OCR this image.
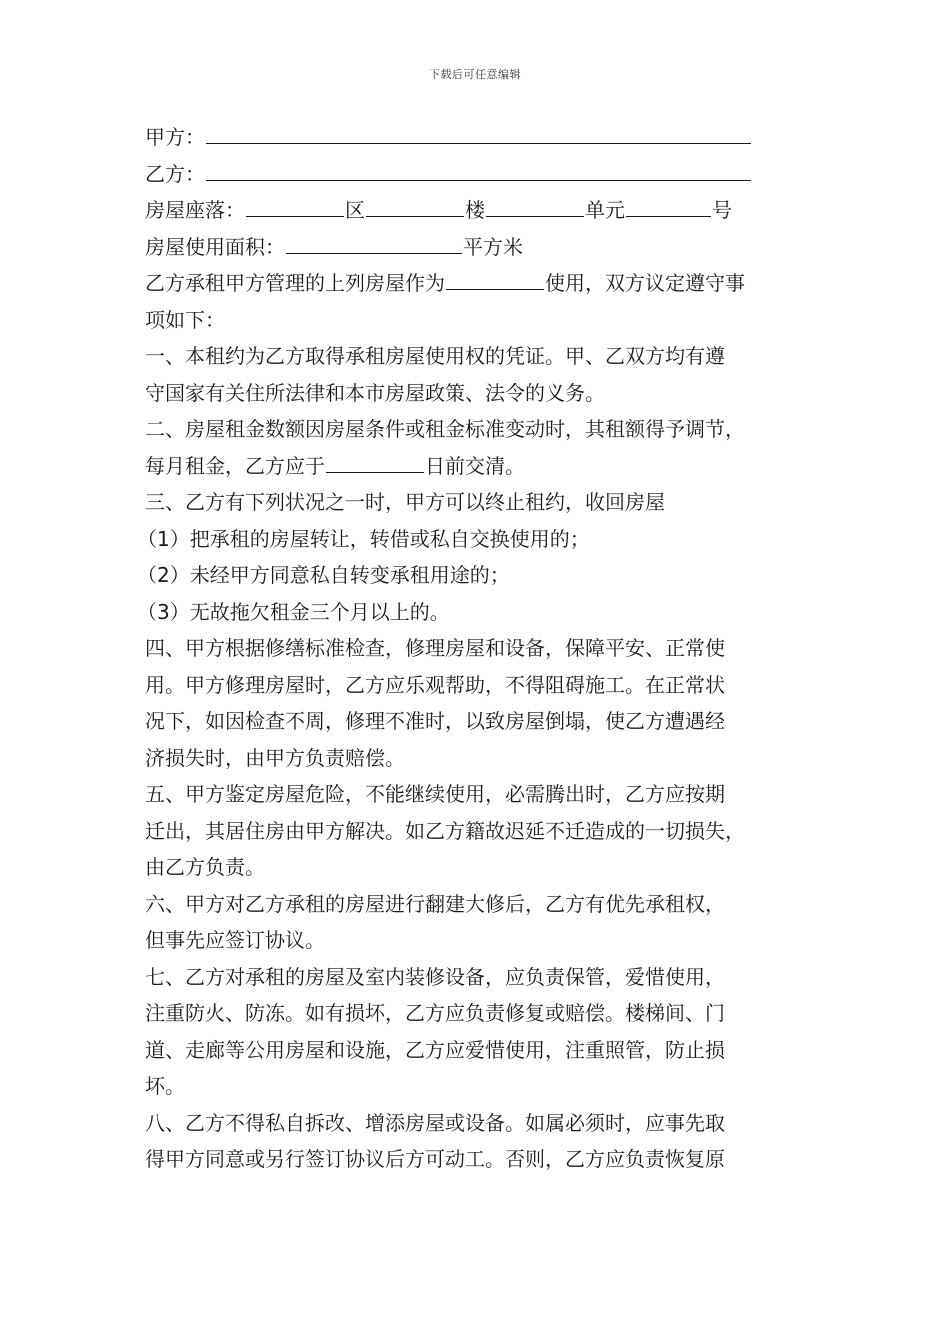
下载后可任意编辑
甲方：
乙方：
房屋座落：	区	楼	单元	号
房屋使用面积：	平方米
乙方承租甲方管理的上列房屋作为	使用，双方议定遵守事
项如下：
一、本租约为乙方取得承租房屋使用权的凭证。甲、乙双方均有遵
守国家有关住所法律和本市房屋政策、法令的义务。
二、房屋租金数额因房屋条件或租金标准变动时，其租额得予调节，
每月租金，乙方应于	日前交清。
三、乙方有下列状况之一时，甲方可以终止租约，收回房屋
（1）把承租的房屋转让，转借或私自交换使用的；
（2）未经甲方同意私自转变承租用途的；
（3）无故拖欠租金三个月以上的。
四、甲方根据修缮标准检查，修理房屋和设备，保障平安、正常使
用。甲方修理房屋时，乙方应乐观帮助，不得阻碍施工。在正常状
况下，如因检查不周，修理不准时，以致房屋倒塌，使乙方遭遇经
济损失时，由甲方负责赔偿。
五、甲方鉴定房屋危险，不能继续使用，必需腾出时，乙方应按期
迁出，其居住房由甲方解决。如乙方籍故迟延不迁造成的一切损失，
由乙方负责。
六、甲方对乙方承租的房屋进行翻建大修后，乙方有优先承租权，
但事先应签订协议。
七、乙方对承租的房屋及室内装修设备，应负责保管，爱惜使用，
注重防火、防冻。如有损坏，乙方应负责修复或赔偿。楼梯间、门
道、走廊等公用房屋和设施，乙方应爱惜使用，注重照管，防止损
坏。
八、乙方不得私自拆改、增添房屋或设备。如属必须时，应事先取
得甲方同意或另行签订协议后方可动工。否则，乙方应负责恢复原
